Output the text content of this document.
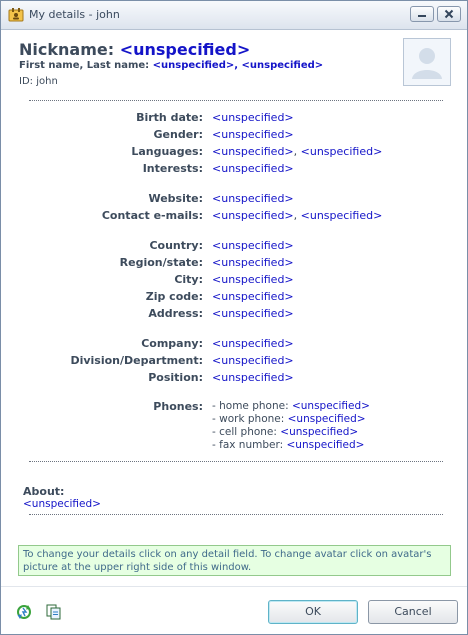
My details - john
Nickname: <unspecified>
First name, Last name: <unspecified>, <unspecified>
ID: john
Birth date: <unspecified>
Gender: <unspecified>
Languages: <unspecified>, <unspecified>
Interests: <unspecified>
Website: <unspecified>
Contact e-mails: <unspecified>, <unspecified>
Country: <unspecified>
Region/state: <unspecified>
City: <unspecified>
Zip code: <unspecified>
Address: <unspecified>
Company: <unspecified>
Division/Department: <unspecified>
Position: <unspecified>
Phones: - home phone: <unspecified>
- work phone: <unspecified>
- cell phone: <unspecified>
- fax number: <unspecified>
About:
<unspecified>
To change your details click on any detail field. To change avatar click on avatar's picture at the upper right side of this window.
OK	Cancel
